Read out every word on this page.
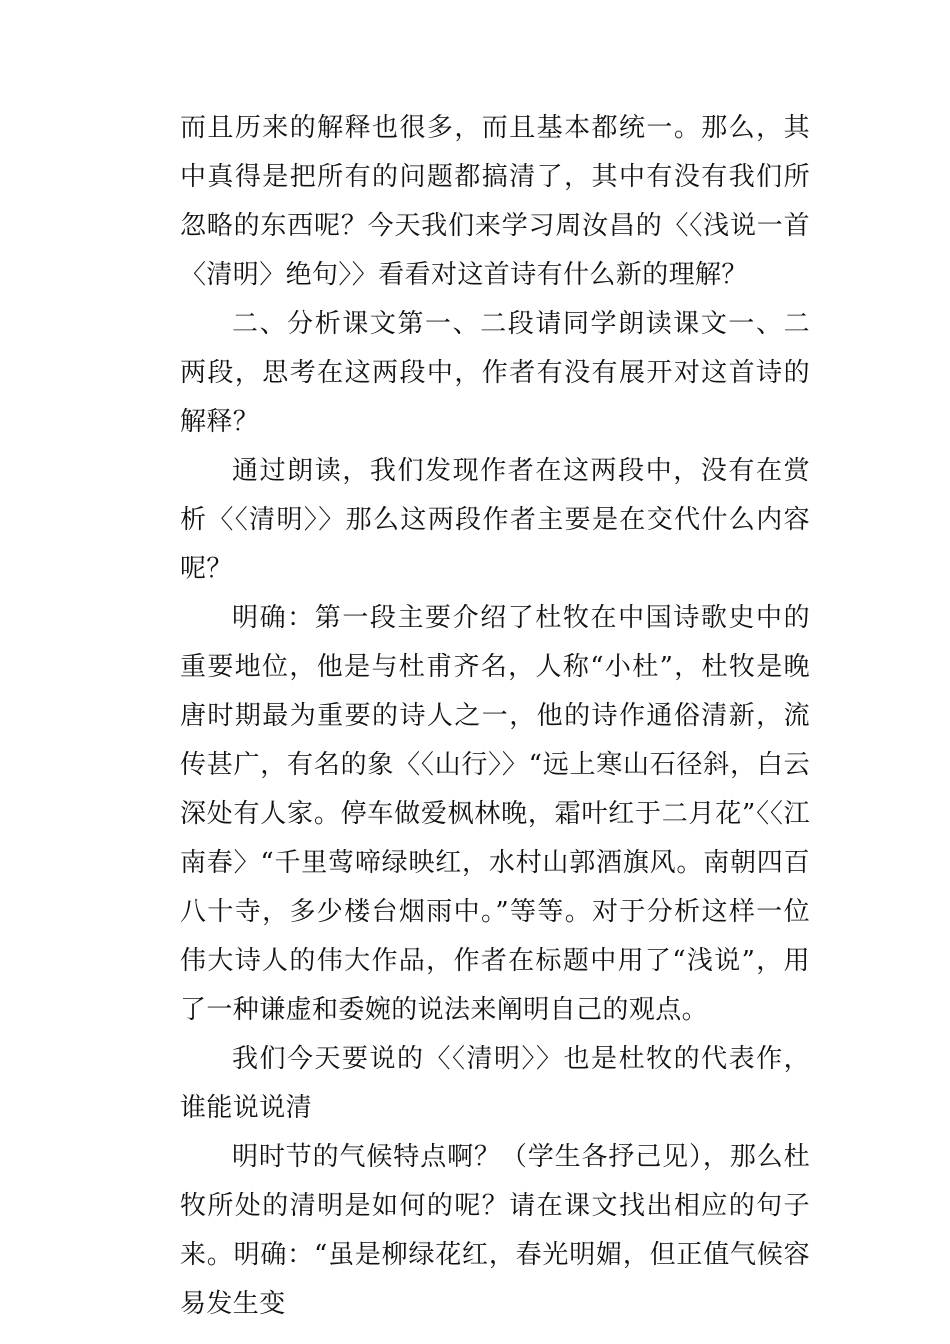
而且历来的解释也很多，而且基本都统一。那么，其中真得是把所有的问题都搞清了，其中有没有我们所忽略的东西呢？今天我们来学习周汝昌的〈〈浅说一首〈清明〉绝句〉〉看看对这首诗有什么新的理解？

二、分析课文第一、二段请同学朗读课文一、二两段，思考在这两段中，作者有没有展开对这首诗的解释？

通过朗读，我们发现作者在这两段中，没有在赏析〈〈清明〉〉那么这两段作者主要是在交代什么内容呢？

明确：第一段主要介绍了杜牧在中国诗歌史中的重要地位，他是与杜甫齐名，人称“小杜”，杜牧是晚唐时期最为重要的诗人之一，他的诗作通俗清新，流传甚广，有名的象〈〈山行〉〉“远上寒山石径斜，白云深处有人家。停车做爱枫林晚，霜叶红于二月花”〈〈江南春〉“千里莺啼绿映红，水村山郭酒旗风。南朝四百八十寺，多少楼台烟雨中。”等等。对于分析这样一位伟大诗人的伟大作品，作者在标题中用了“浅说”，用了一种谦虚和委婉的说法来阐明自己的观点。

我们今天要说的〈〈清明〉〉也是杜牧的代表作，谁能说说清

明时节的气候特点啊？（学生各抒己见），那么杜牧所处的清明是如何的呢？请在课文找出相应的句子来。明确：“虽是柳绿花红，春光明媚，但正值气候容易发生变
